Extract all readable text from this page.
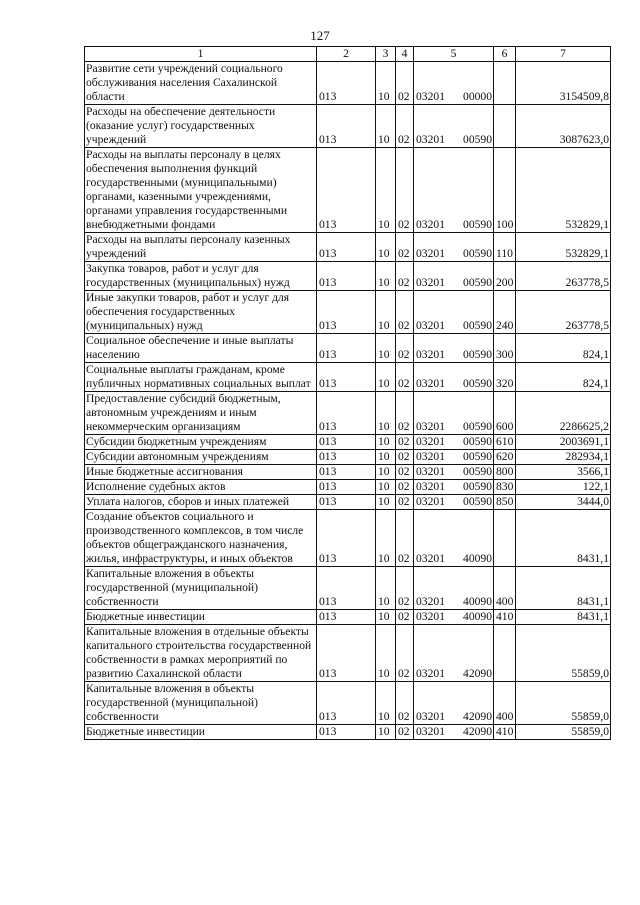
127
1	2	3	4	5	6	7
Развитие сети учреждений социального обслуживания населения Сахалинской области	013	10	02	03201 00000		3154509,8
Расходы на обеспечение деятельности (оказание услуг) государственных учреждений	013	10	02	03201 00590		3087623,0
Расходы на выплаты персоналу в целях обеспечения выполнения функций государственными (муниципальными) органами, казенными учреждениями, органами управления государственными внебюджетными фондами	013	10	02	03201 00590	100	532829,1
Расходы на выплаты персоналу казенных учреждений	013	10	02	03201 00590	110	532829,1
Закупка товаров, работ и услуг для государственных (муниципальных) нужд	013	10	02	03201 00590	200	263778,5
Иные закупки товаров, работ и услуг для обеспечения государственных (муниципальных) нужд	013	10	02	03201 00590	240	263778,5
Социальное обеспечение и иные выплаты населению	013	10	02	03201 00590	300	824,1
Социальные выплаты гражданам, кроме публичных нормативных социальных выплат	013	10	02	03201 00590	320	824,1
Предоставление субсидий бюджетным, автономным учреждениям и иным некоммерческим организациям	013	10	02	03201 00590	600	2286625,2
Субсидии бюджетным учреждениям	013	10	02	03201 00590	610	2003691,1
Субсидии автономным учреждениям	013	10	02	03201 00590	620	282934,1
Иные бюджетные ассигнования	013	10	02	03201 00590	800	3566,1
Исполнение судебных актов	013	10	02	03201 00590	830	122,1
Уплата налогов, сборов и иных платежей	013	10	02	03201 00590	850	3444,0
Создание объектов социального и производственного комплексов, в том числе объектов общегражданского назначения, жилья, инфраструктуры, и иных объектов	013	10	02	03201 40090		8431,1
Капитальные вложения в объекты государственной (муниципальной) собственности	013	10	02	03201 40090	400	8431,1
Бюджетные инвестиции	013	10	02	03201 40090	410	8431,1
Капитальные вложения в отдельные объекты капитального строительства государственной собственности в рамках мероприятий по развитию Сахалинской области	013	10	02	03201 42090		55859,0
Капитальные вложения в объекты государственной (муниципальной) собственности	013	10	02	03201 42090	400	55859,0
Бюджетные инвестиции	013	10	02	03201 42090	410	55859,0
